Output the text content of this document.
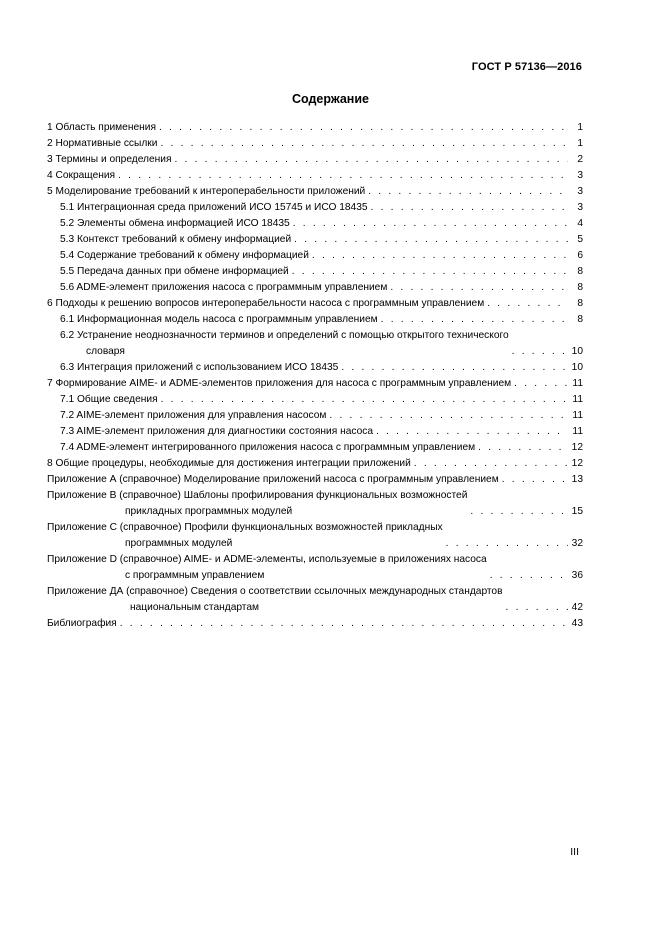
ГОСТ Р 57136—2016
Содержание
1 Область применения . . .	1
2 Нормативные ссылки . . .	1
3 Термины и определения . . .	2
4 Сокращения . . .	3
5 Моделирование требований к интероперабельности приложений . . .	3
5.1 Интеграционная среда приложений ИСО 15745 и ИСО 18435 . . .	3
5.2 Элементы обмена информацией ИСО 18435 . . .	4
5.3 Контекст требований к обмену информацией . . .	5
5.4 Содержание требований к обмену информацией . . .	6
5.5 Передача данных при обмене информацией . . .	8
5.6 ADME-элемент приложения насоса с программным управлением . . .	8
6 Подходы к решению вопросов интероперабельности насоса с программным управлением . . .	8
6.1 Информационная модель насоса с программным управлением . . .	8
6.2 Устранение неоднозначности терминов и определений с помощью открытого технического
словаря . . .	10
6.3 Интеграция приложений с использованием ИСО 18435 . . .	10
7 Формирование AIME- и ADME-элементов приложения для насоса с программным управлением . . .	11
7.1 Общие сведения . . .	11
7.2 AIME-элемент приложения для управления насосом . . .	11
7.3 AIME-элемент приложения для диагностики состояния насоса . . .	11
7.4 ADME-элемент интегрированного приложения насоса с программным управлением . . .	12
8 Общие процедуры, необходимые для достижения интеграции приложений . . .	12
Приложение А (справочное) Моделирование приложений насоса с программным управлением . . .	13
Приложение В (справочное) Шаблоны профилирования функциональных возможностей
прикладных программных модулей . . .	15
Приложение С (справочное) Профили функциональных возможностей прикладных
программных модулей . . .	32
Приложение D (справочное) AIME- и ADME-элементы, используемые в приложениях насоса
с программным управлением . . .	36
Приложение ДА (справочное) Сведения о соответствии ссылочных международных стандартов
национальным стандартам . . .	42
Библиография . . .	43
III
